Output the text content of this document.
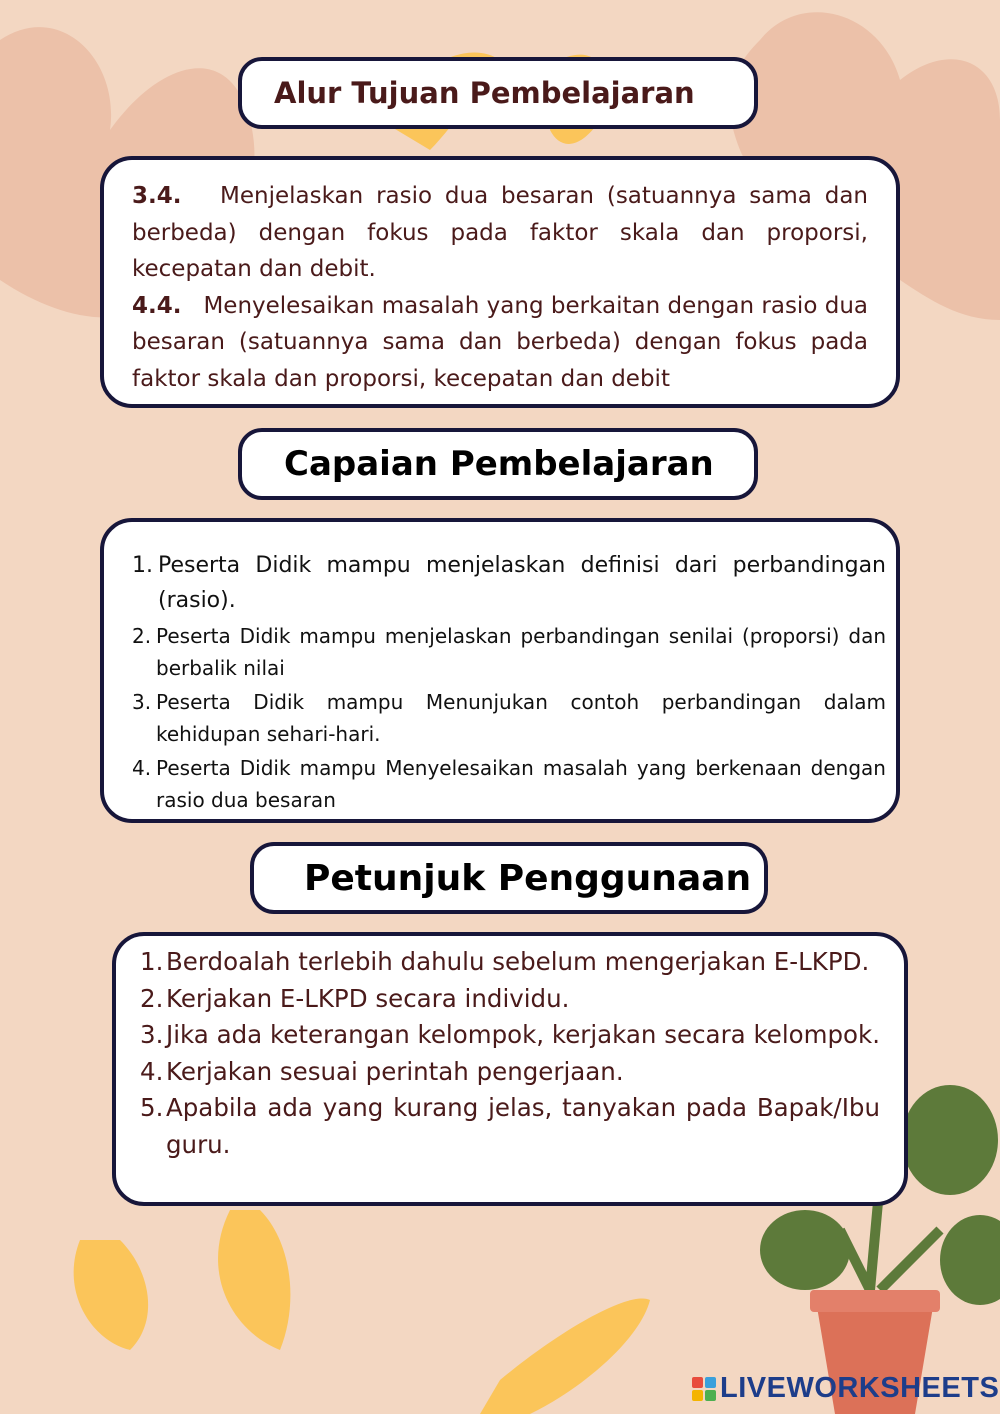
Alur Tujuan Pembelajaran

3.4. Menjelaskan rasio dua besaran (satuannya sama dan berbeda) dengan fokus pada faktor skala dan proporsi, kecepatan dan debit.

4.4. Menyelesaikan masalah yang berkaitan dengan rasio dua besaran (satuannya sama dan berbeda) dengan fokus pada faktor skala dan proporsi, kecepatan dan debit

Capaian Pembelajaran
1. Peserta Didik mampu menjelaskan definisi dari perbandingan (rasio).
2. Peserta Didik mampu menjelaskan perbandingan senilai (proporsi) dan berbalik nilai
3. Peserta Didik mampu Menunjukan contoh perbandingan dalam kehidupan sehari-hari.
4. Peserta Didik mampu Menyelesaikan masalah yang berkenaan dengan rasio dua besaran
Petunjuk Penggunaan
1. Berdoalah terlebih dahulu sebelum mengerjakan E-LKPD.
2. Kerjakan E-LKPD secara individu.
3. Jika ada keterangan kelompok, kerjakan secara kelompok.
4. Kerjakan sesuai perintah pengerjaan.
5. Apabila ada yang kurang jelas, tanyakan pada Bapak/Ibu guru.
LIVEWORKSHEETS
